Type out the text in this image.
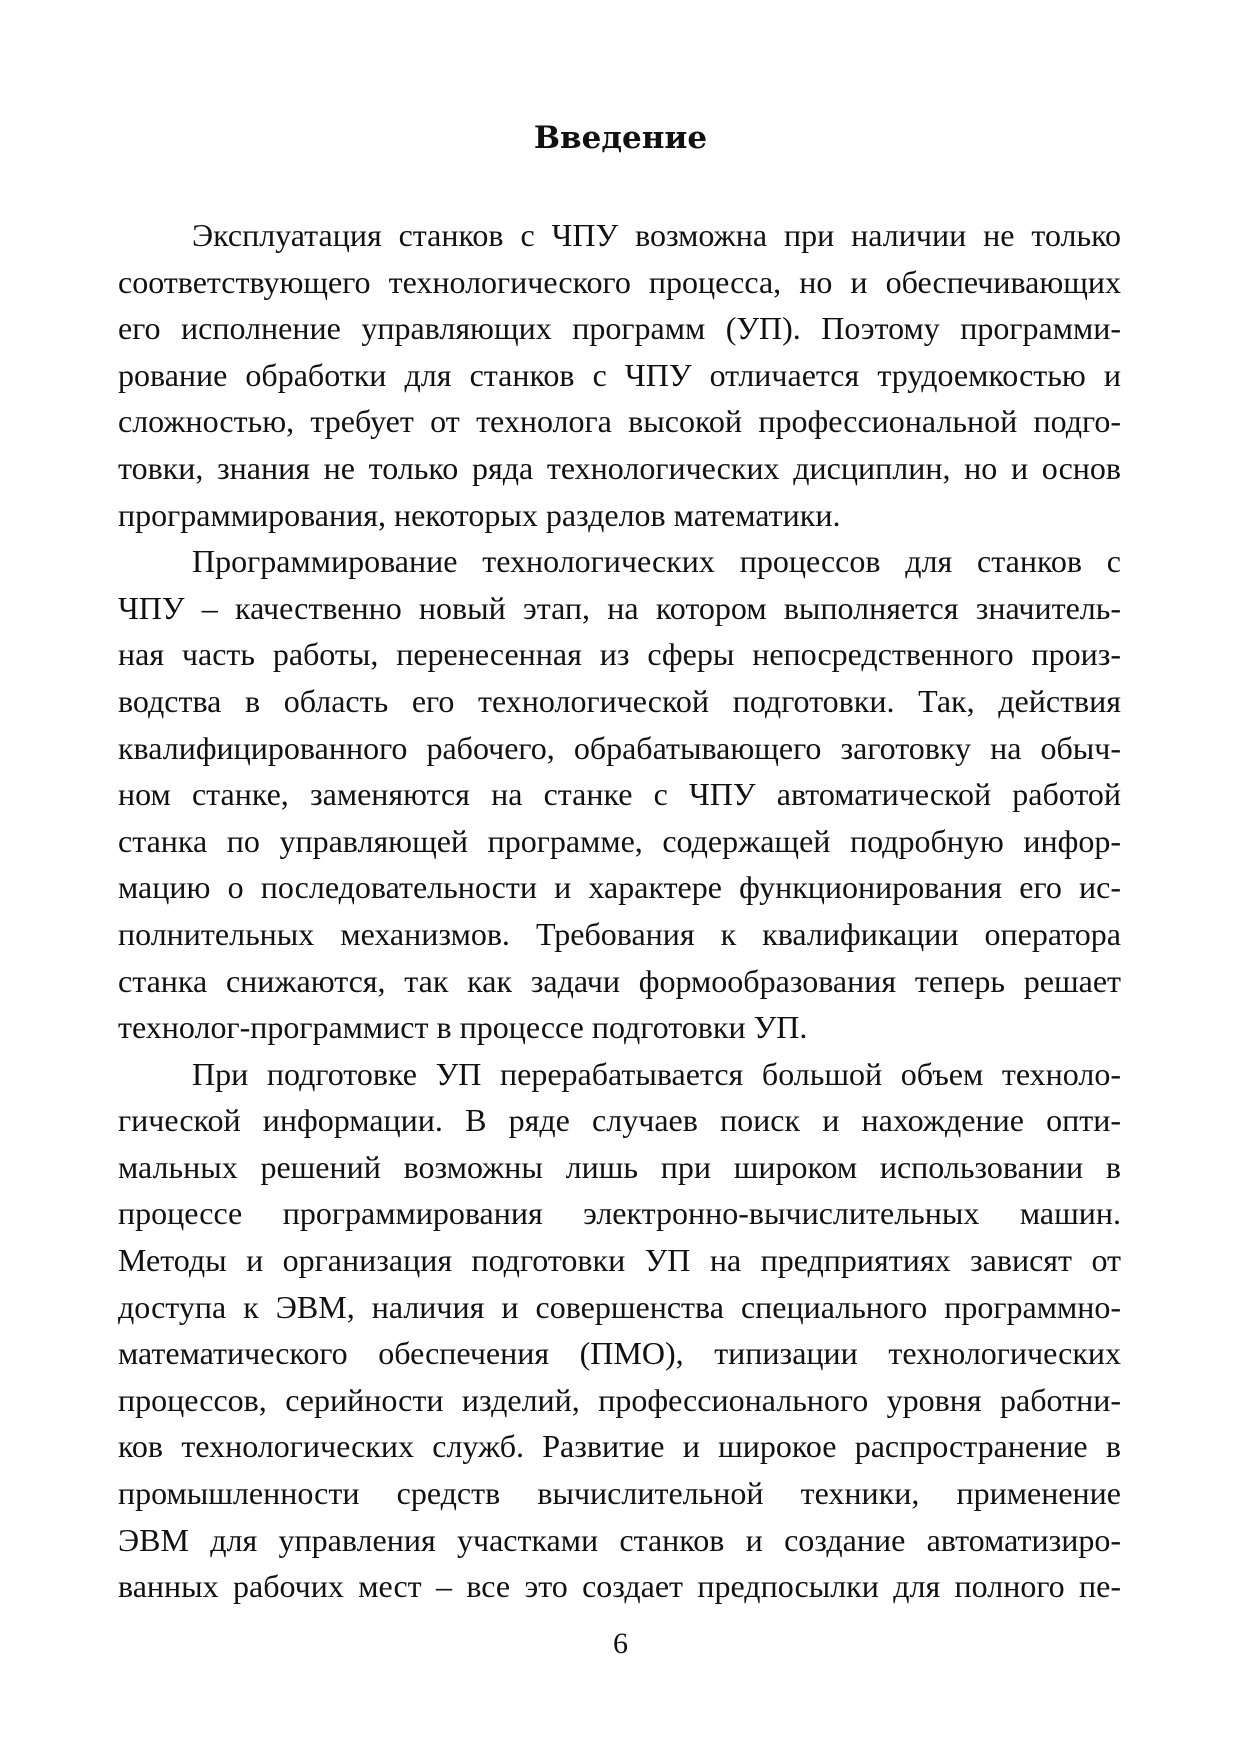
Введение

Эксплуатация станков с ЧПУ возможна при наличии не только
соответствующего технологического процесса, но и обеспечивающих
его исполнение управляющих программ (УП). Поэтому программи-
рование обработки для станков с ЧПУ отличается трудоемкостью и
сложностью, требует от технолога высокой профессиональной подго-
товки, знания не только ряда технологических дисциплин, но и основ
программирования, некоторых разделов математики.

Программирование технологических процессов для станков с
ЧПУ – качественно новый этап, на котором выполняется значитель-
ная часть работы, перенесенная из сферы непосредственного произ-
водства в область его технологической подготовки. Так, действия
квалифицированного рабочего, обрабатывающего заготовку на обыч-
ном станке, заменяются на станке с ЧПУ автоматической работой
станка по управляющей программе, содержащей подробную инфор-
мацию о последовательности и характере функционирования его ис-
полнительных механизмов. Требования к квалификации оператора
станка снижаются, так как задачи формообразования теперь решает
технолог-программист в процессе подготовки УП.

При подготовке УП перерабатывается большой объем техноло-
гической информации. В ряде случаев поиск и нахождение опти-
мальных решений возможны лишь при широком использовании в
процессе программирования электронно-вычислительных машин.
Методы и организация подготовки УП на предприятиях зависят от
доступа к ЭВМ, наличия и совершенства специального программно-
математического обеспечения (ПМО), типизации технологических
процессов, серийности изделий, профессионального уровня работни-
ков технологических служб. Развитие и широкое распространение в
промышленности средств вычислительной техники, применение
ЭВМ для управления участками станков и создание автоматизиро-
ванных рабочих мест – все это создает предпосылки для полного пе-

6
